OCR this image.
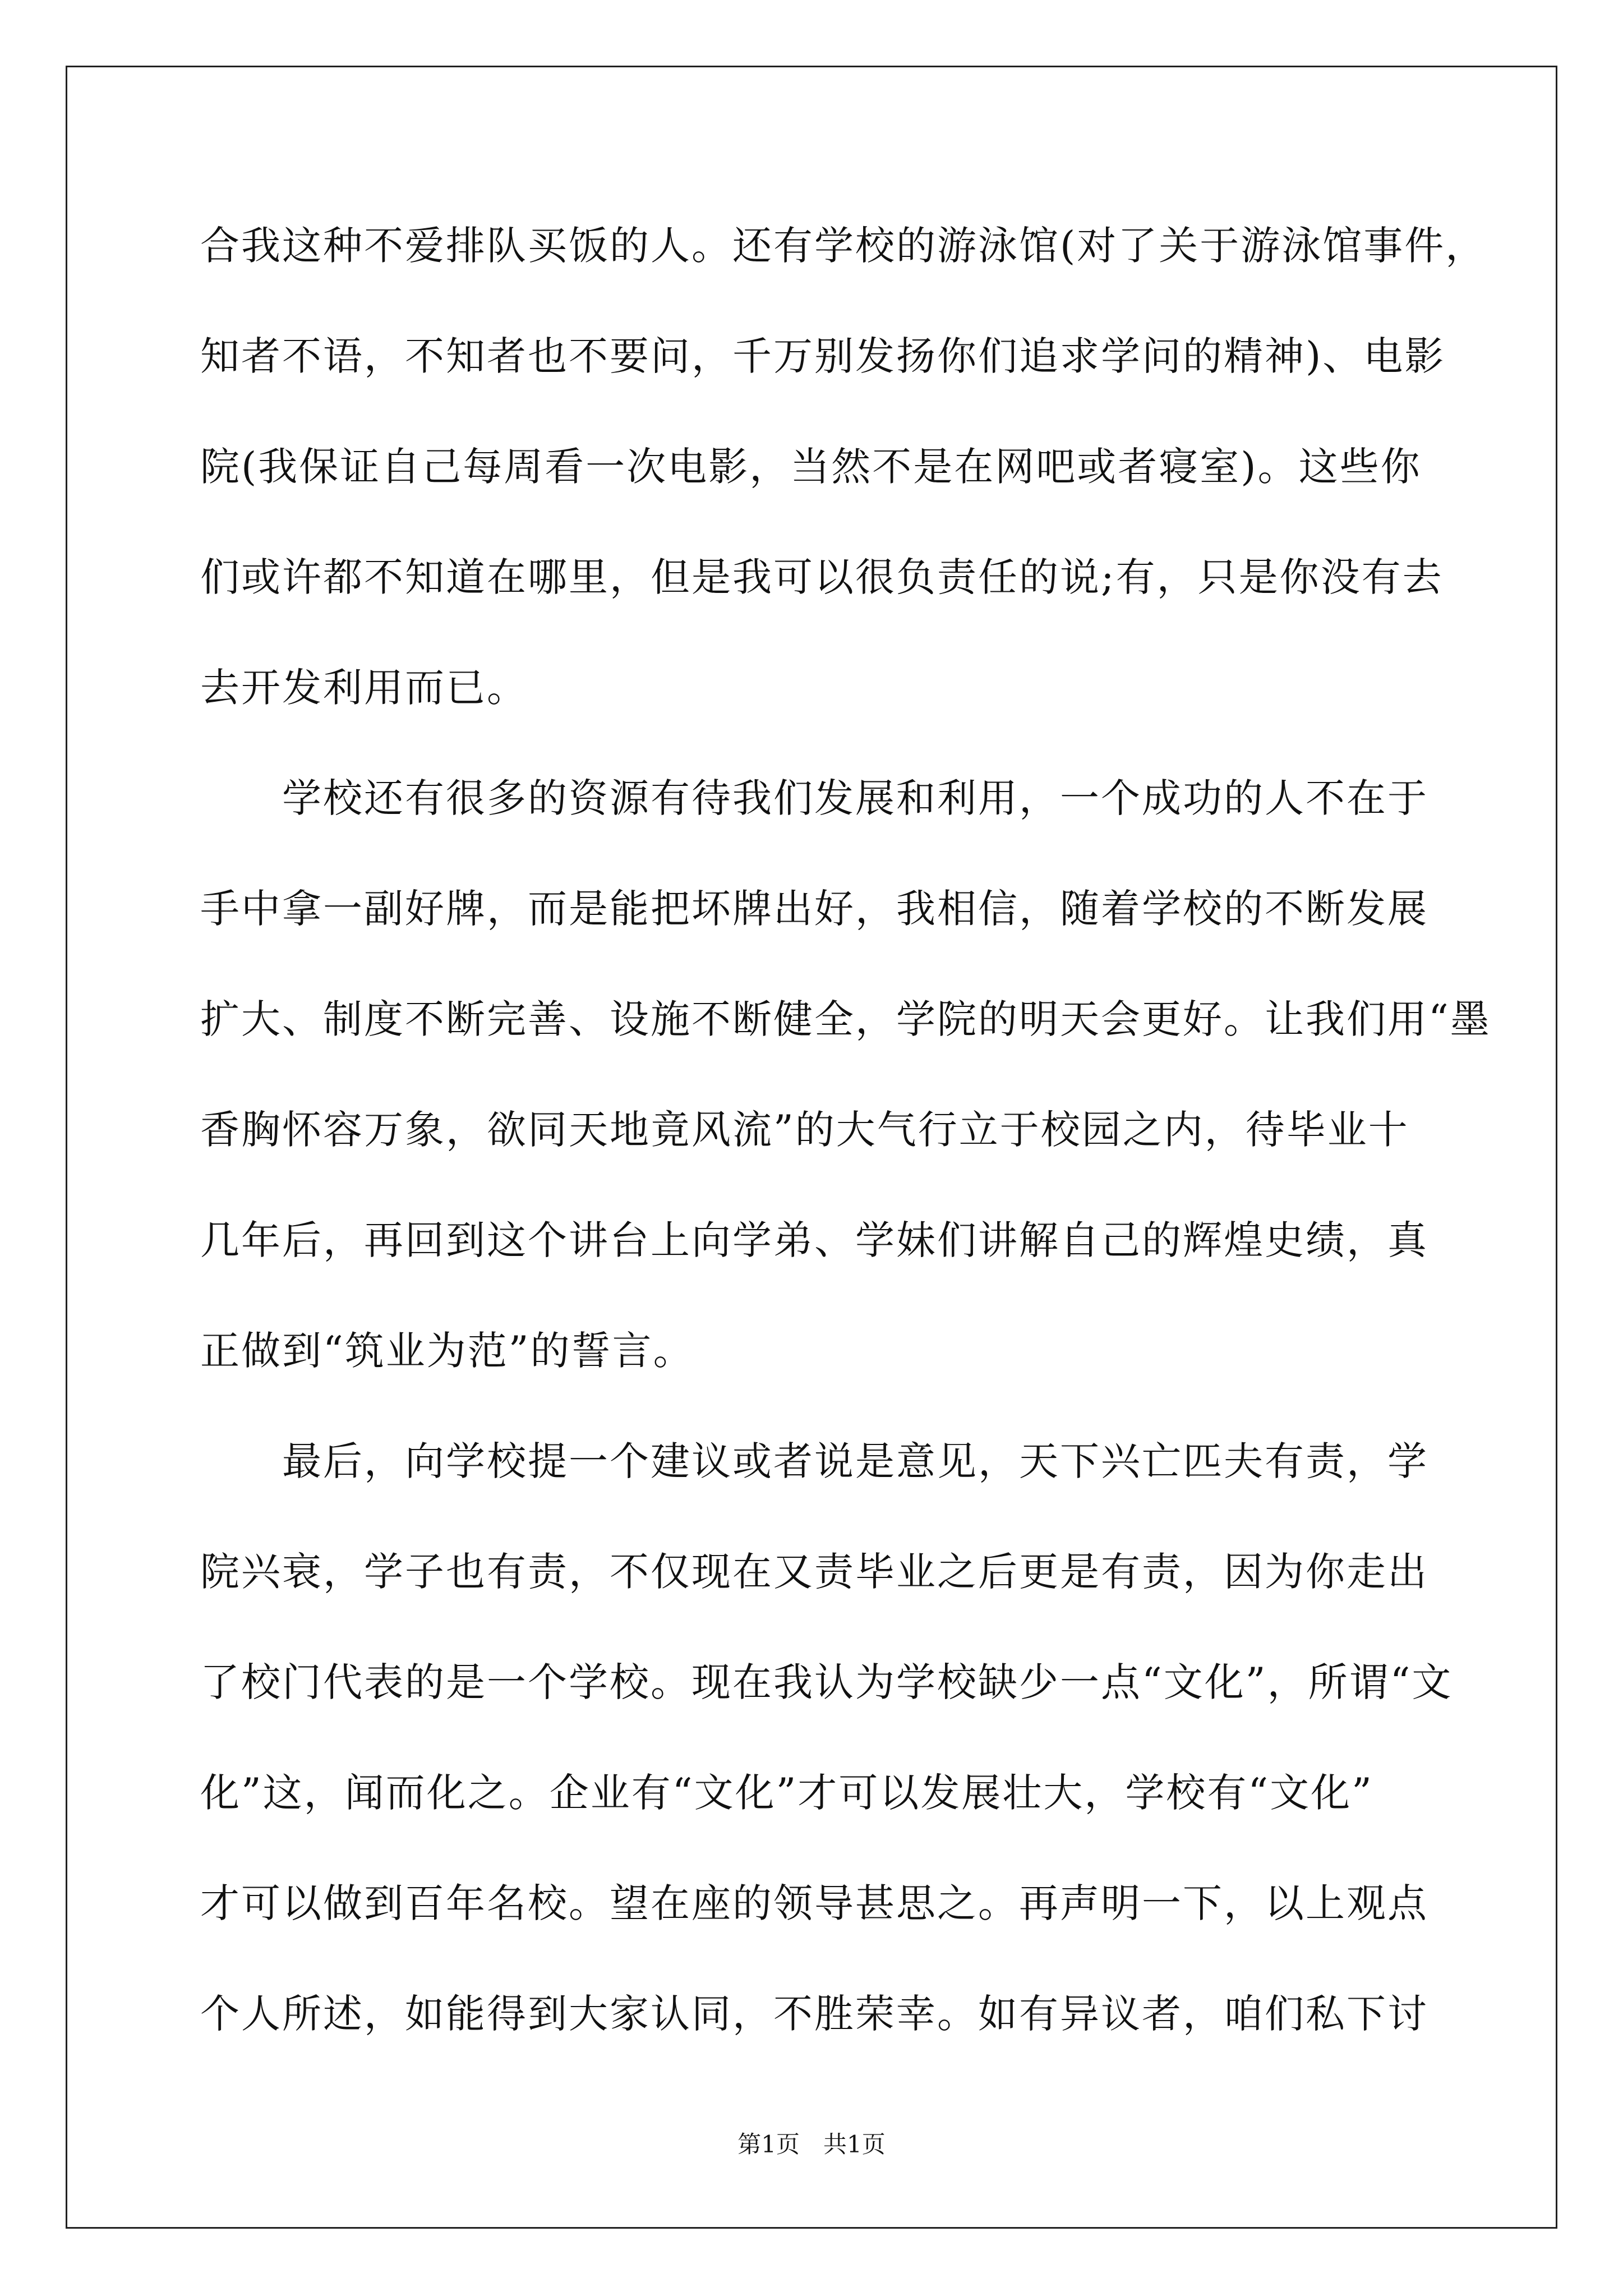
合我这种不爱排队买饭的人。还有学校的游泳馆(对了关于游泳馆事件，
知者不语，不知者也不要问，千万别发扬你们追求学问的精神)、电影
院(我保证自己每周看一次电影，当然不是在网吧或者寝室)。这些你
们或许都不知道在哪里，但是我可以很负责任的说;有，只是你没有去
去开发利用而已。
　　学校还有很多的资源有待我们发展和利用，一个成功的人不在于
手中拿一副好牌，而是能把坏牌出好，我相信，随着学校的不断发展
扩大、制度不断完善、设施不断健全，学院的明天会更好。让我们用“墨
香胸怀容万象，欲同天地竟风流”的大气行立于校园之内，待毕业十
几年后，再回到这个讲台上向学弟、学妹们讲解自己的辉煌史绩，真
正做到“筑业为范”的誓言。
　　最后，向学校提一个建议或者说是意见，天下兴亡匹夫有责，学
院兴衰，学子也有责，不仅现在又责毕业之后更是有责，因为你走出
了校门代表的是一个学校。现在我认为学校缺少一点“文化”，所谓“文
化”这，闻而化之。企业有“文化”才可以发展壮大，学校有“文化”
才可以做到百年名校。望在座的领导甚思之。再声明一下，以上观点
个人所述，如能得到大家认同，不胜荣幸。如有异议者，咱们私下讨
第1页　共1页
